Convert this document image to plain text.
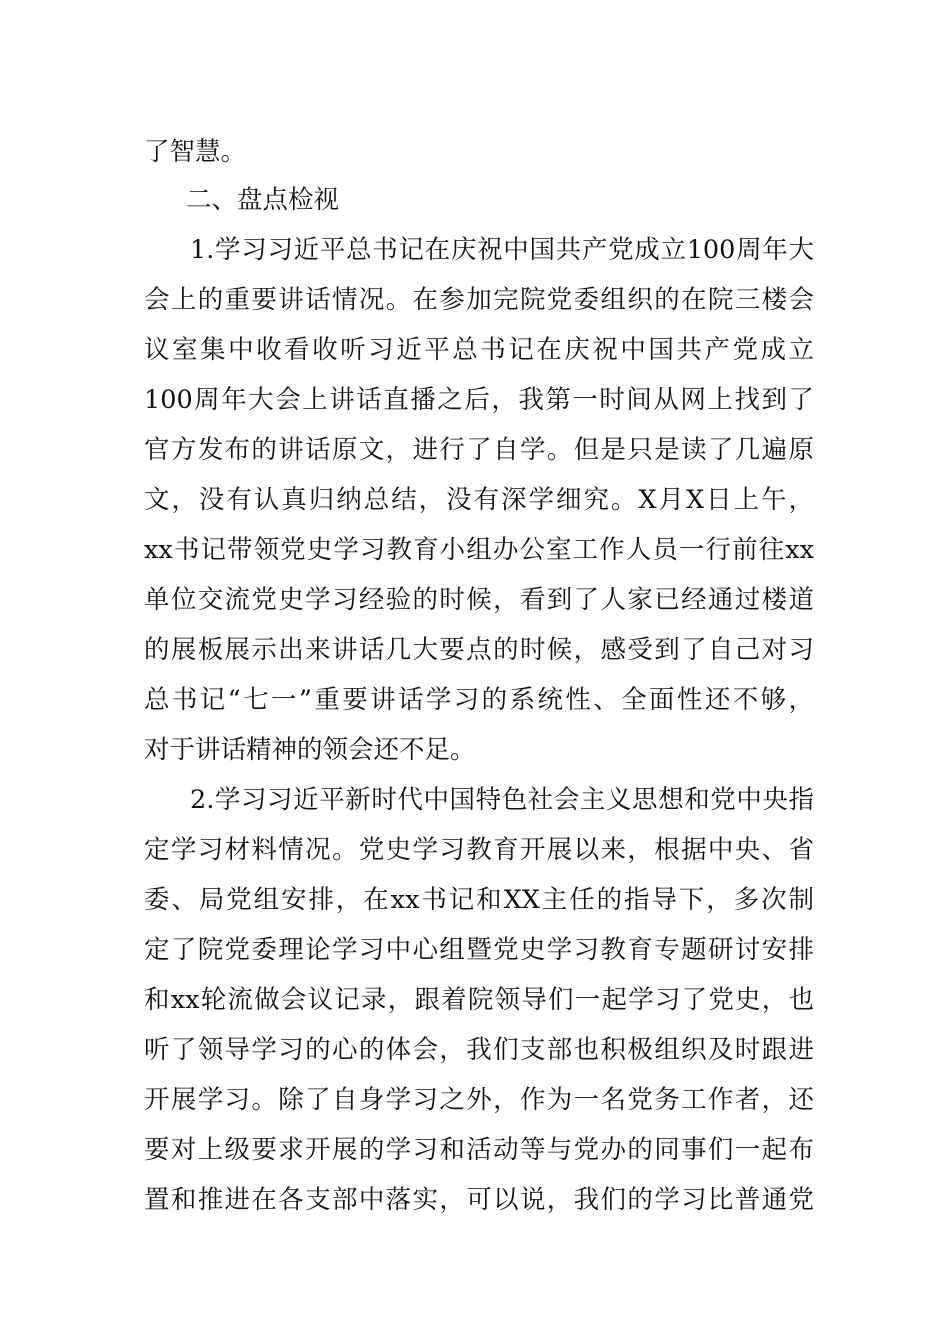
了智慧。
二、盘点检视
1.学习习近平总书记在庆祝中国共产党成立100周年大
会上的重要讲话情况。在参加完院党委组织的在院三楼会
议室集中收看收听习近平总书记在庆祝中国共产党成立
100周年大会上讲话直播之后，我第一时间从网上找到了
官方发布的讲话原文，进行了自学。但是只是读了几遍原
文，没有认真归纳总结，没有深学细究。X月X日上午，
xx书记带领党史学习教育小组办公室工作人员一行前往xx
单位交流党史学习经验的时候，看到了人家已经通过楼道
的展板展示出来讲话几大要点的时候，感受到了自己对习
总书记“七一”重要讲话学习的系统性、全面性还不够，
对于讲话精神的领会还不足。
2.学习习近平新时代中国特色社会主义思想和党中央指
定学习材料情况。党史学习教育开展以来，根据中央、省
委、局党组安排，在xx书记和XX主任的指导下，多次制
定了院党委理论学习中心组暨党史学习教育专题研讨安排
和xx轮流做会议记录，跟着院领导们一起学习了党史，也
听了领导学习的心的体会，我们支部也积极组织及时跟进
开展学习。除了自身学习之外，作为一名党务工作者，还
要对上级要求开展的学习和活动等与党办的同事们一起布
置和推进在各支部中落实，可以说，我们的学习比普通党
